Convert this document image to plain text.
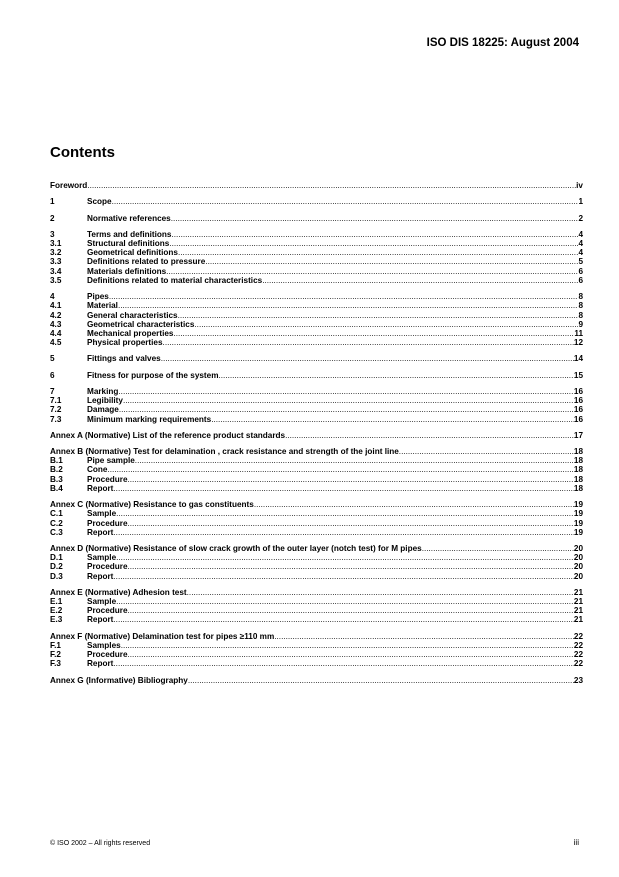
ISO DIS 18225: August 2004
Contents
Foreword .....	iv
1	Scope .....	1
2	Normative references .....	2
3	Terms and definitions .....	4
3.1	Structural definitions .....	4
3.2	Geometrical definitions .....	4
3.3	Definitions related to pressure .....	5
3.4	Materials definitions .....	6
3.5	Definitions related to material characteristics .....	6
4	Pipes .....	8
4.1	Material .....	8
4.2	General characteristics .....	8
4.3	Geometrical characteristics .....	9
4.4	Mechanical properties .....	11
4.5	Physical properties .....	12
5	Fittings and valves .....	14
6	Fitness for purpose of the system .....	15
7	Marking .....	16
7.1	Legibility .....	16
7.2	Damage .....	16
7.3	Minimum marking requirements .....	16
Annex A (Normative) List of the reference product standards .....	17
Annex B (Normative) Test for delamination , crack resistance and strength of the joint line .....	18
B.1	Pipe sample .....	18
B.2	Cone .....	18
B.3	Procedure .....	18
B.4	Report .....	18
Annex C (Normative) Resistance to gas constituents .....	19
C.1	Sample .....	19
C.2	Procedure .....	19
C.3	Report .....	19
Annex D (Normative) Resistance of slow crack growth of the outer layer (notch test) for M pipes .....	20
D.1	Sample .....	20
D.2	Procedure .....	20
D.3	Report .....	20
Annex E (Normative) Adhesion test .....	21
E.1	Sample .....	21
E.2	Procedure .....	21
E.3	Report .....	21
Annex F (Normative) Delamination test for pipes ≥110 mm .....	22
F.1	Samples .....	22
F.2	Procedure .....	22
F.3	Report .....	22
Annex G (Informative) Bibliography .....	23
© ISO 2002 – All rights reserved	iii
